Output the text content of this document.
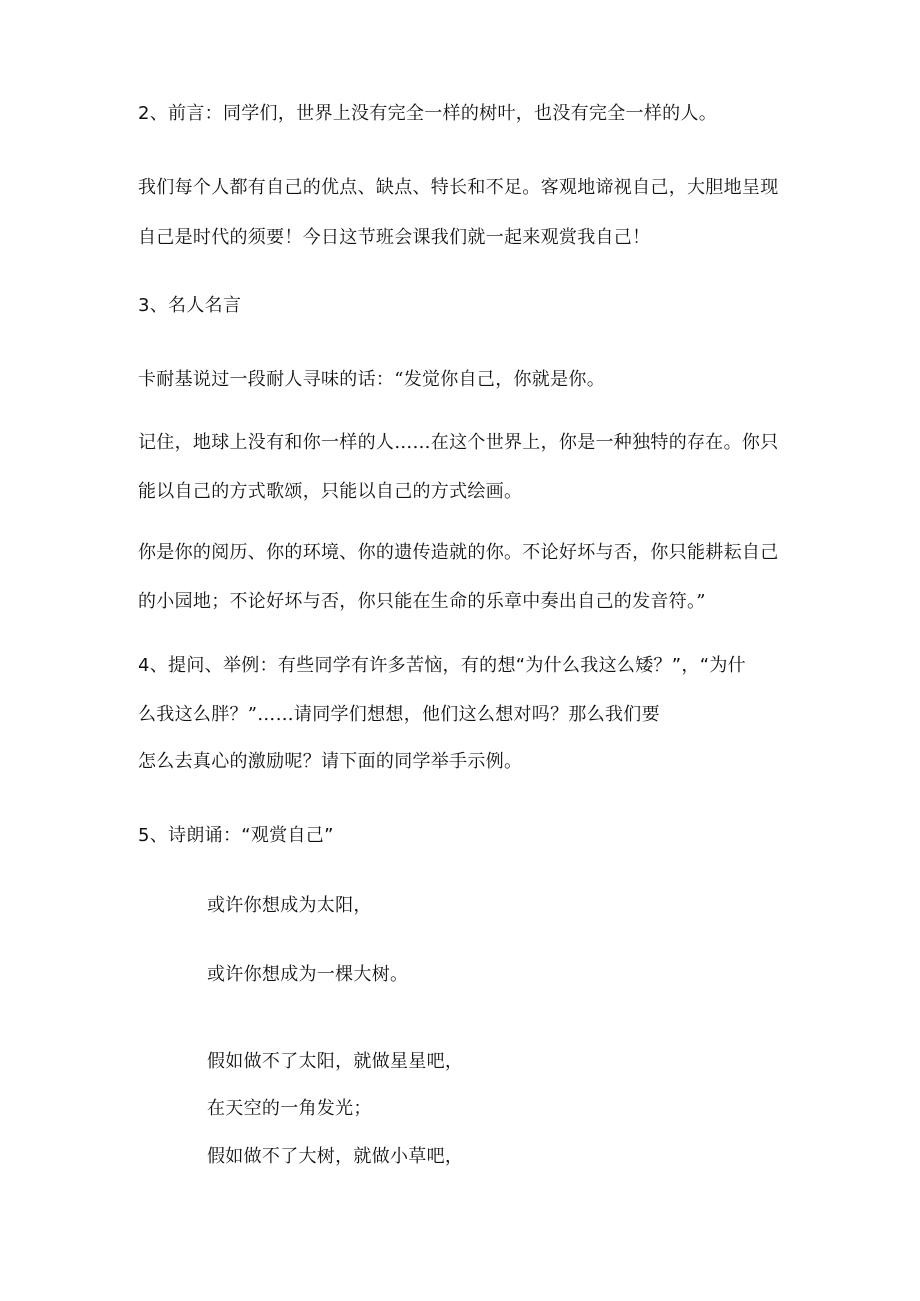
2、前言：同学们，世界上没有完全一样的树叶，也没有完全一样的人。
我们每个人都有自己的优点、缺点、特长和不足。客观地谛视自己，大胆地呈现
自己是时代的须要！今日这节班会课我们就一起来观赏我自己！
3、名人名言
卡耐基说过一段耐人寻味的话：“发觉你自己，你就是你。
记住，地球上没有和你一样的人……在这个世界上，你是一种独特的存在。你只
能以自己的方式歌颂，只能以自己的方式绘画。
你是你的阅历、你的环境、你的遗传造就的你。不论好坏与否，你只能耕耘自己
的小园地；不论好坏与否，你只能在生命的乐章中奏出自己的发音符。”
4、提问、举例：有些同学有许多苦恼，有的想“为什么我这么矮？”，“为什
么我这么胖？”……请同学们想想，他们这么想对吗？那么我们要
怎么去真心的激励呢？请下面的同学举手示例。
5、诗朗诵：“观赏自己”
或许你想成为太阳，
或许你想成为一棵大树。
假如做不了太阳，就做星星吧，
在天空的一角发光；
假如做不了大树，就做小草吧，
